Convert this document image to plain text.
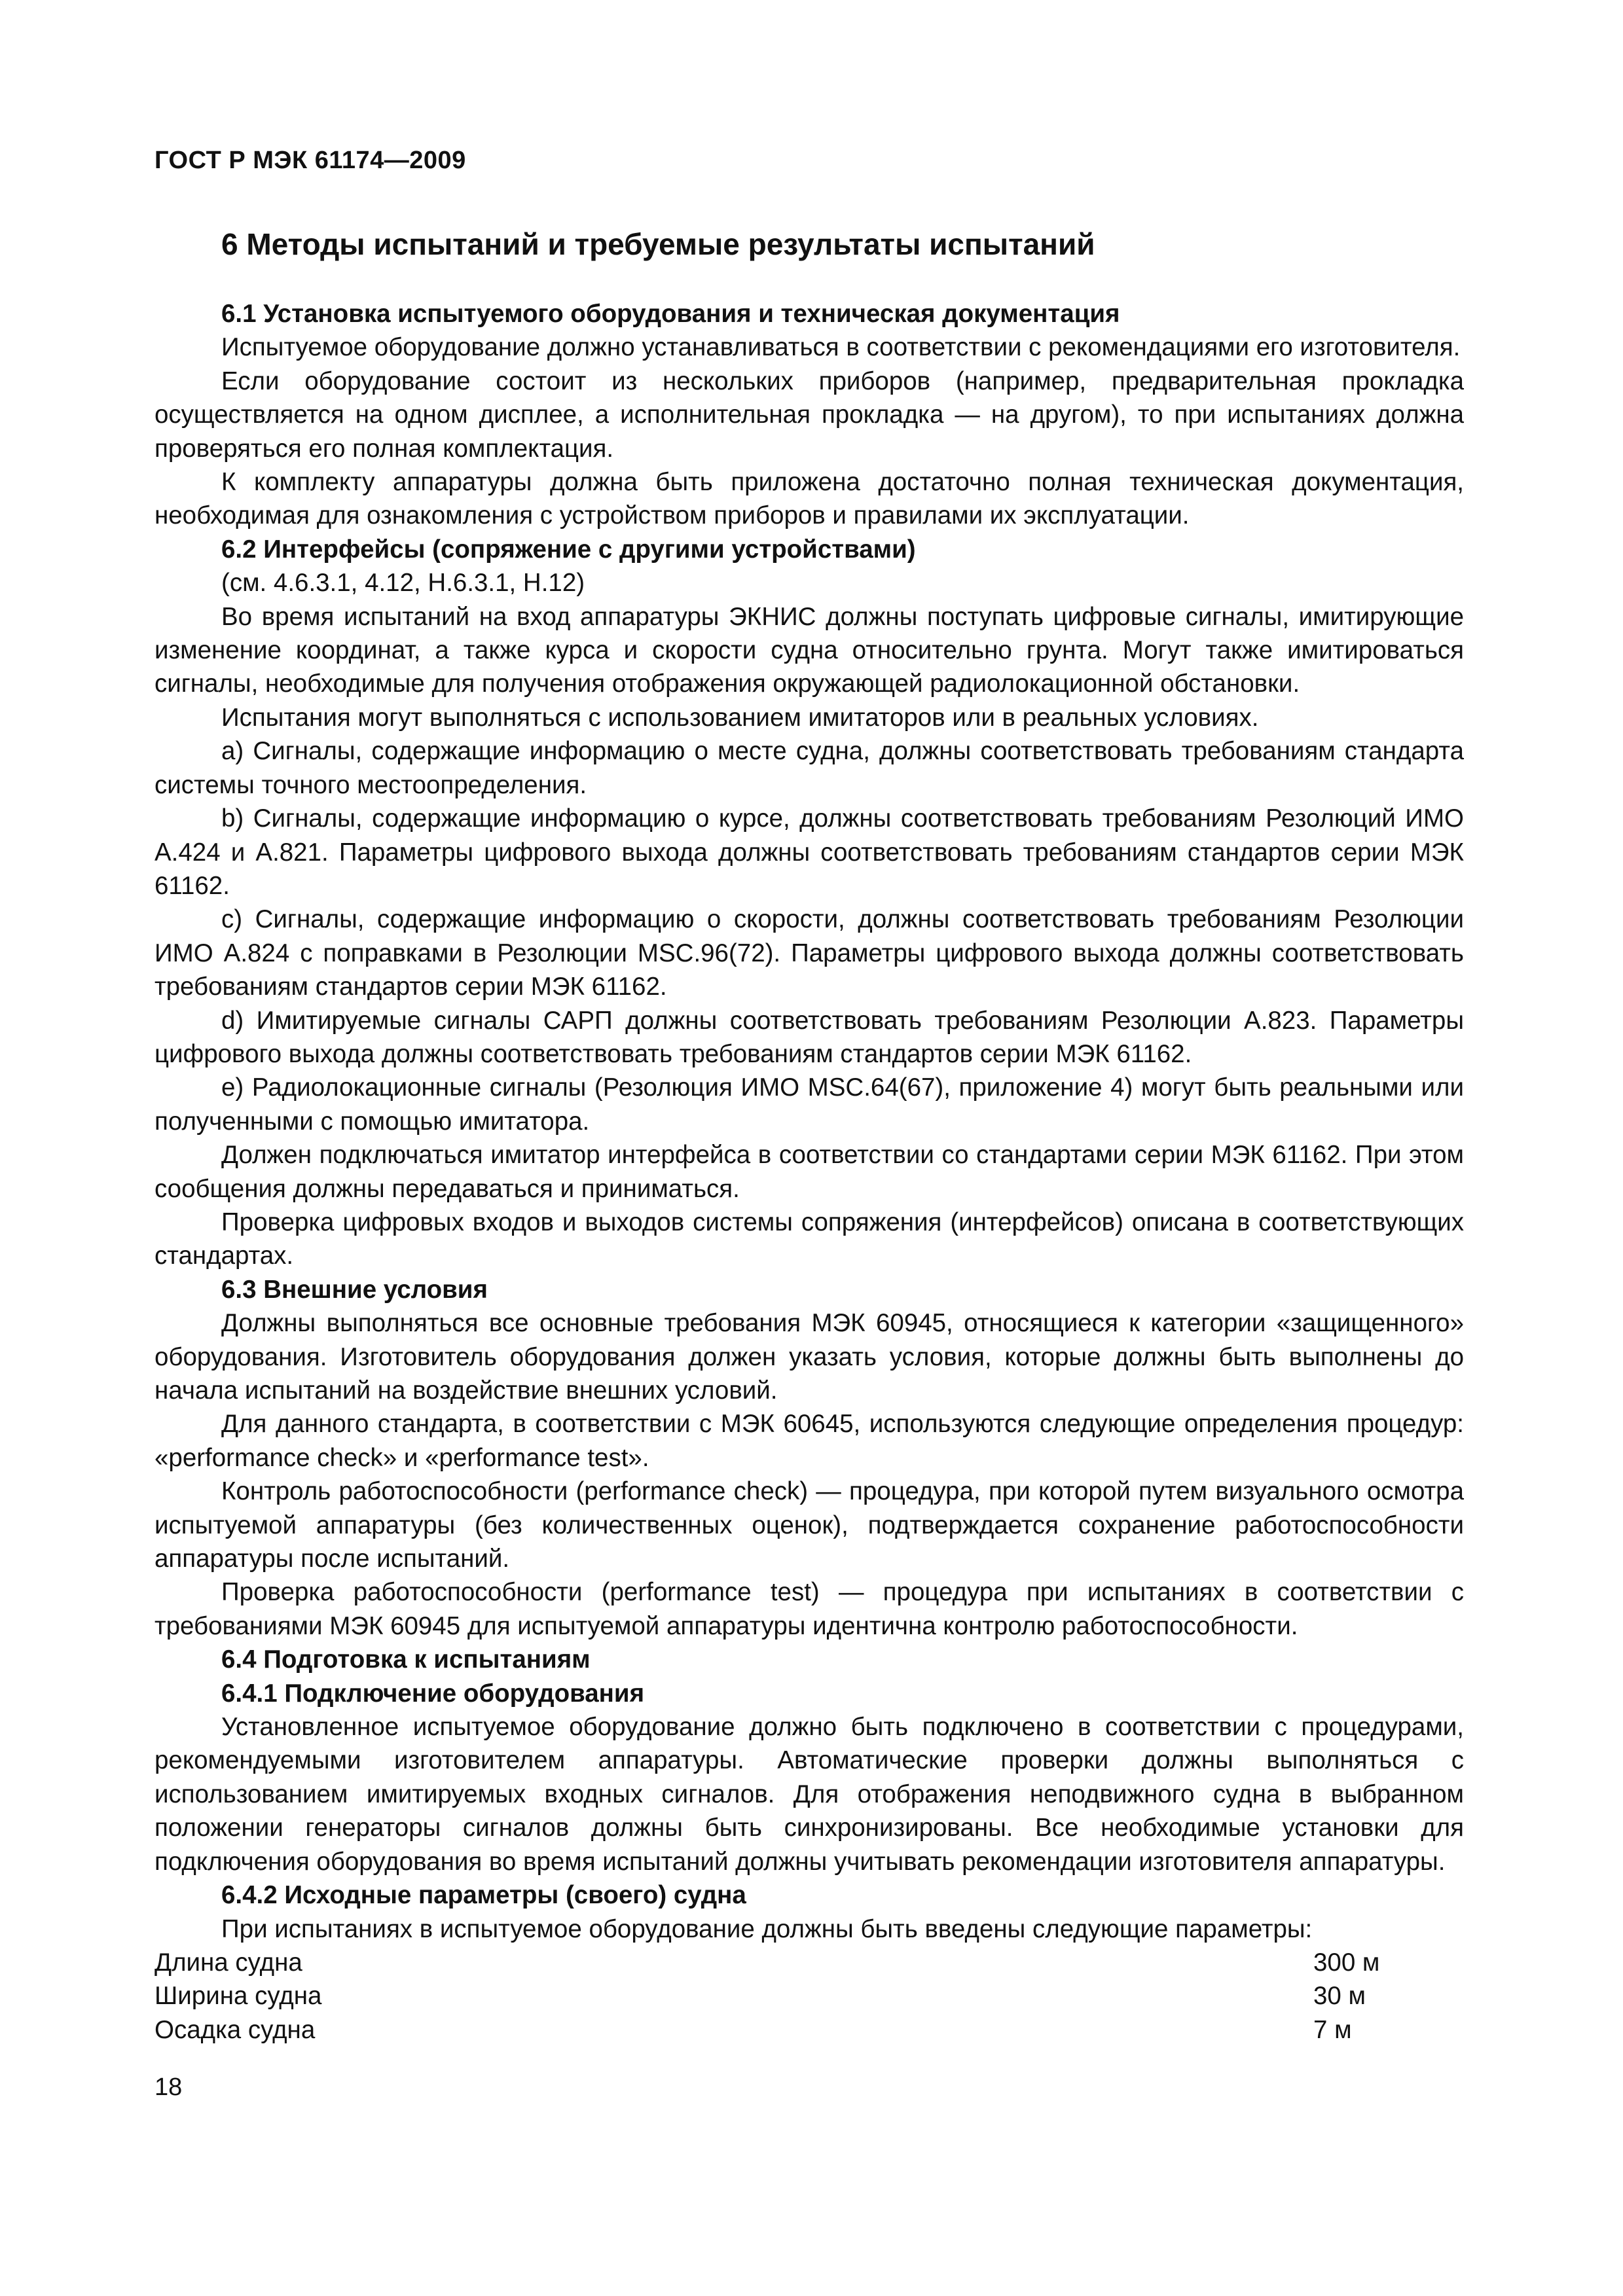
ГОСТ Р МЭК 61174—2009
6 Методы испытаний и требуемые результаты испытаний

6.1 Установка испытуемого оборудования и техническая документация

Испытуемое оборудование должно устанавливаться в соответствии с рекомендациями его изготовителя.

Если оборудование состоит из нескольких приборов (например, предварительная прокладка осуществляется на одном дисплее, а исполнительная прокладка — на другом), то при испытаниях должна проверяться его полная комплектация.

К комплекту аппаратуры должна быть приложена достаточно полная техническая документация, необходимая для ознакомления с устройством приборов и правилами их эксплуатации.

6.2 Интерфейсы (сопряжение с другими устройствами)

(см. 4.6.3.1, 4.12, Н.6.3.1, Н.12)

Во время испытаний на вход аппаратуры ЭКНИС должны поступать цифровые сигналы, имитирующие изменение координат, а также курса и скорости судна относительно грунта. Могут также имитироваться сигналы, необходимые для получения отображения окружающей радиолокационной обстановки.

Испытания могут выполняться с использованием имитаторов или в реальных условиях.

a) Сигналы, содержащие информацию о месте судна, должны соответствовать требованиям стандарта системы точного местоопределения.

b) Сигналы, содержащие информацию о курсе, должны соответствовать требованиям Резолюций ИМО А.424 и А.821. Параметры цифрового выхода должны соответствовать требованиям стандартов серии МЭК 61162.

c) Сигналы, содержащие информацию о скорости, должны соответствовать требованиям Резолюции ИМО А.824 с поправками в Резолюции MSC.96(72). Параметры цифрового выхода должны соответствовать требованиям стандартов серии МЭК 61162.

d) Имитируемые сигналы САРП должны соответствовать требованиям Резолюции А.823. Параметры цифрового выхода должны соответствовать требованиям стандартов серии МЭК 61162.

e) Радиолокационные сигналы (Резолюция ИМО MSC.64(67), приложение 4) могут быть реальными или полученными с помощью имитатора.

Должен подключаться имитатор интерфейса в соответствии со стандартами серии МЭК 61162. При этом сообщения должны передаваться и приниматься.

Проверка цифровых входов и выходов системы сопряжения (интерфейсов) описана в соответствующих стандартах.

6.3 Внешние условия

Должны выполняться все основные требования МЭК 60945, относящиеся к категории «защищенного» оборудования. Изготовитель оборудования должен указать условия, которые должны быть выполнены до начала испытаний на воздействие внешних условий.

Для данного стандарта, в соответствии с МЭК 60645, используются следующие определения процедур: «performance check» и «performance test».

Контроль работоспособности (performance check) — процедура, при которой путем визуального осмотра испытуемой аппаратуры (без количественных оценок), подтверждается сохранение работоспособности аппаратуры после испытаний.

Проверка работоспособности (performance test) — процедура при испытаниях в соответствии с требованиями МЭК 60945 для испытуемой аппаратуры идентична контролю работоспособности.

6.4 Подготовка к испытаниям

6.4.1 Подключение оборудования

Установленное испытуемое оборудование должно быть подключено в соответствии с процедурами, рекомендуемыми изготовителем аппаратуры. Автоматические проверки должны выполняться с использованием имитируемых входных сигналов. Для отображения неподвижного судна в выбранном положении генераторы сигналов должны быть синхронизированы. Все необходимые установки для подключения оборудования во время испытаний должны учитывать рекомендации изготовителя аппаратуры.

6.4.2 Исходные параметры (своего) судна

При испытаниях в испытуемое оборудование должны быть введены следующие параметры:

Длина судна	300 м
Ширина судна	30 м
Осадка судна	7 м
18
